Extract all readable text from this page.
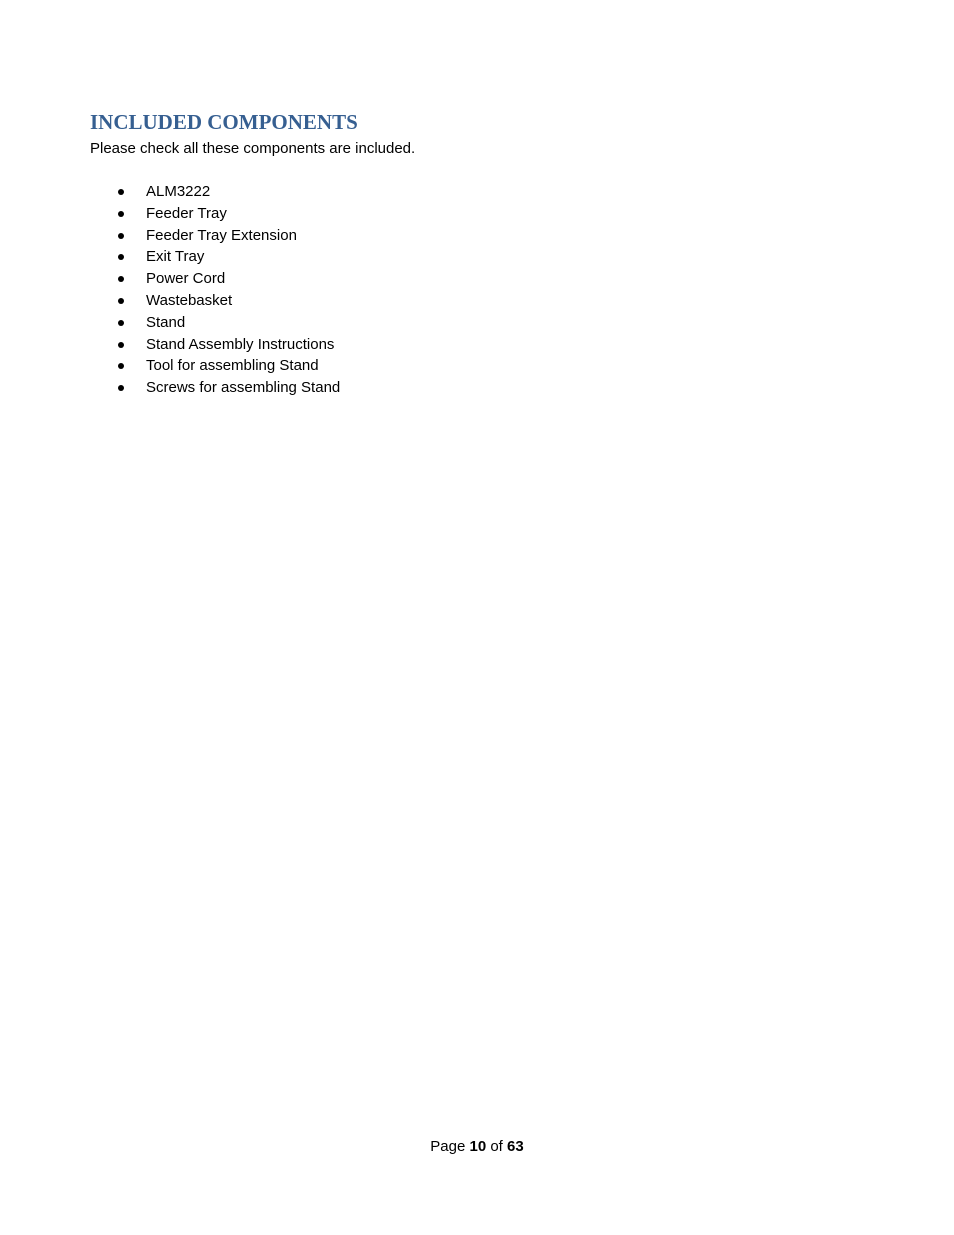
INCLUDED COMPONENTS

Please check all these components are included.

ALM3222
Feeder Tray
Feeder Tray Extension
Exit Tray
Power Cord
Wastebasket
Stand
Stand Assembly Instructions
Tool for assembling Stand
Screws for assembling Stand
Page 10 of 63
